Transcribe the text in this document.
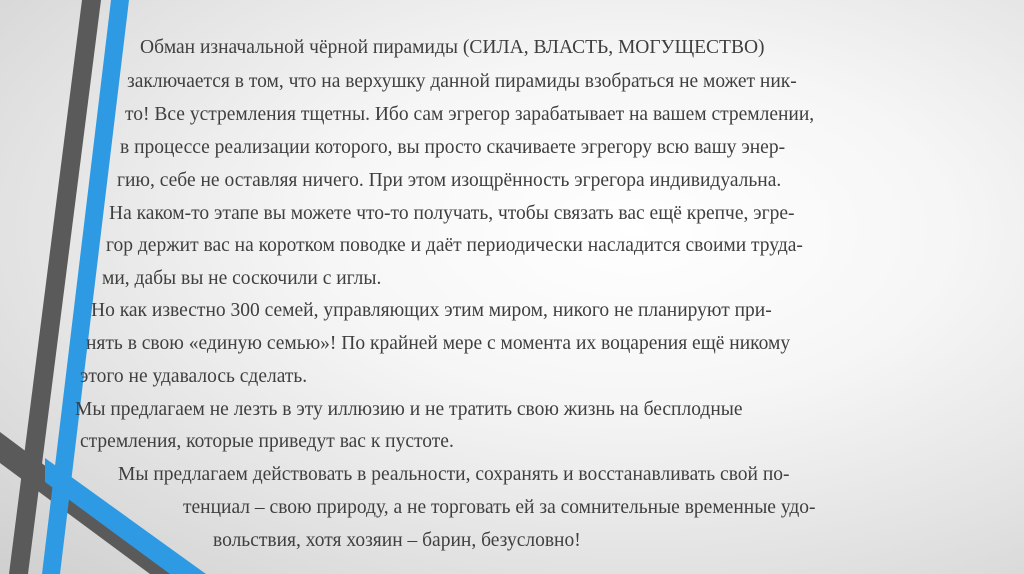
Обман изначальной чёрной пирамиды (СИЛА, ВЛАСТЬ, МОГУЩЕСТВО)
заключается в том, что на верхушку данной пирамиды взобраться не может ник-
то! Все устремления тщетны. Ибо сам эгрегор зарабатывает на вашем стремлении,
в процессе реализации которого, вы просто скачиваете эгрегору всю вашу энер-
гию, себе не оставляя ничего. При этом изощрённость эгрегора индивидуальна.
На каком-то этапе вы можете что-то получать, чтобы связать вас ещё крепче, эгре-
гор держит вас на коротком поводке и даёт периодически насладится своими труда-
ми, дабы вы не соскочили с иглы.
Но как известно 300 семей, управляющих этим миром, никого не планируют при-
нять в свою «единую семью»! По крайней мере с момента их воцарения ещё никому
этого не удавалось сделать.
Мы предлагаем не лезть в эту иллюзию и не тратить свою жизнь на бесплодные
стремления, которые приведут вас к пустоте.
Мы предлагаем действовать в реальности, сохранять и восстанавливать свой по-
тенциал – свою природу, а не торговать ей за сомнительные временные удо-
вольствия, хотя хозяин – барин, безусловно!
